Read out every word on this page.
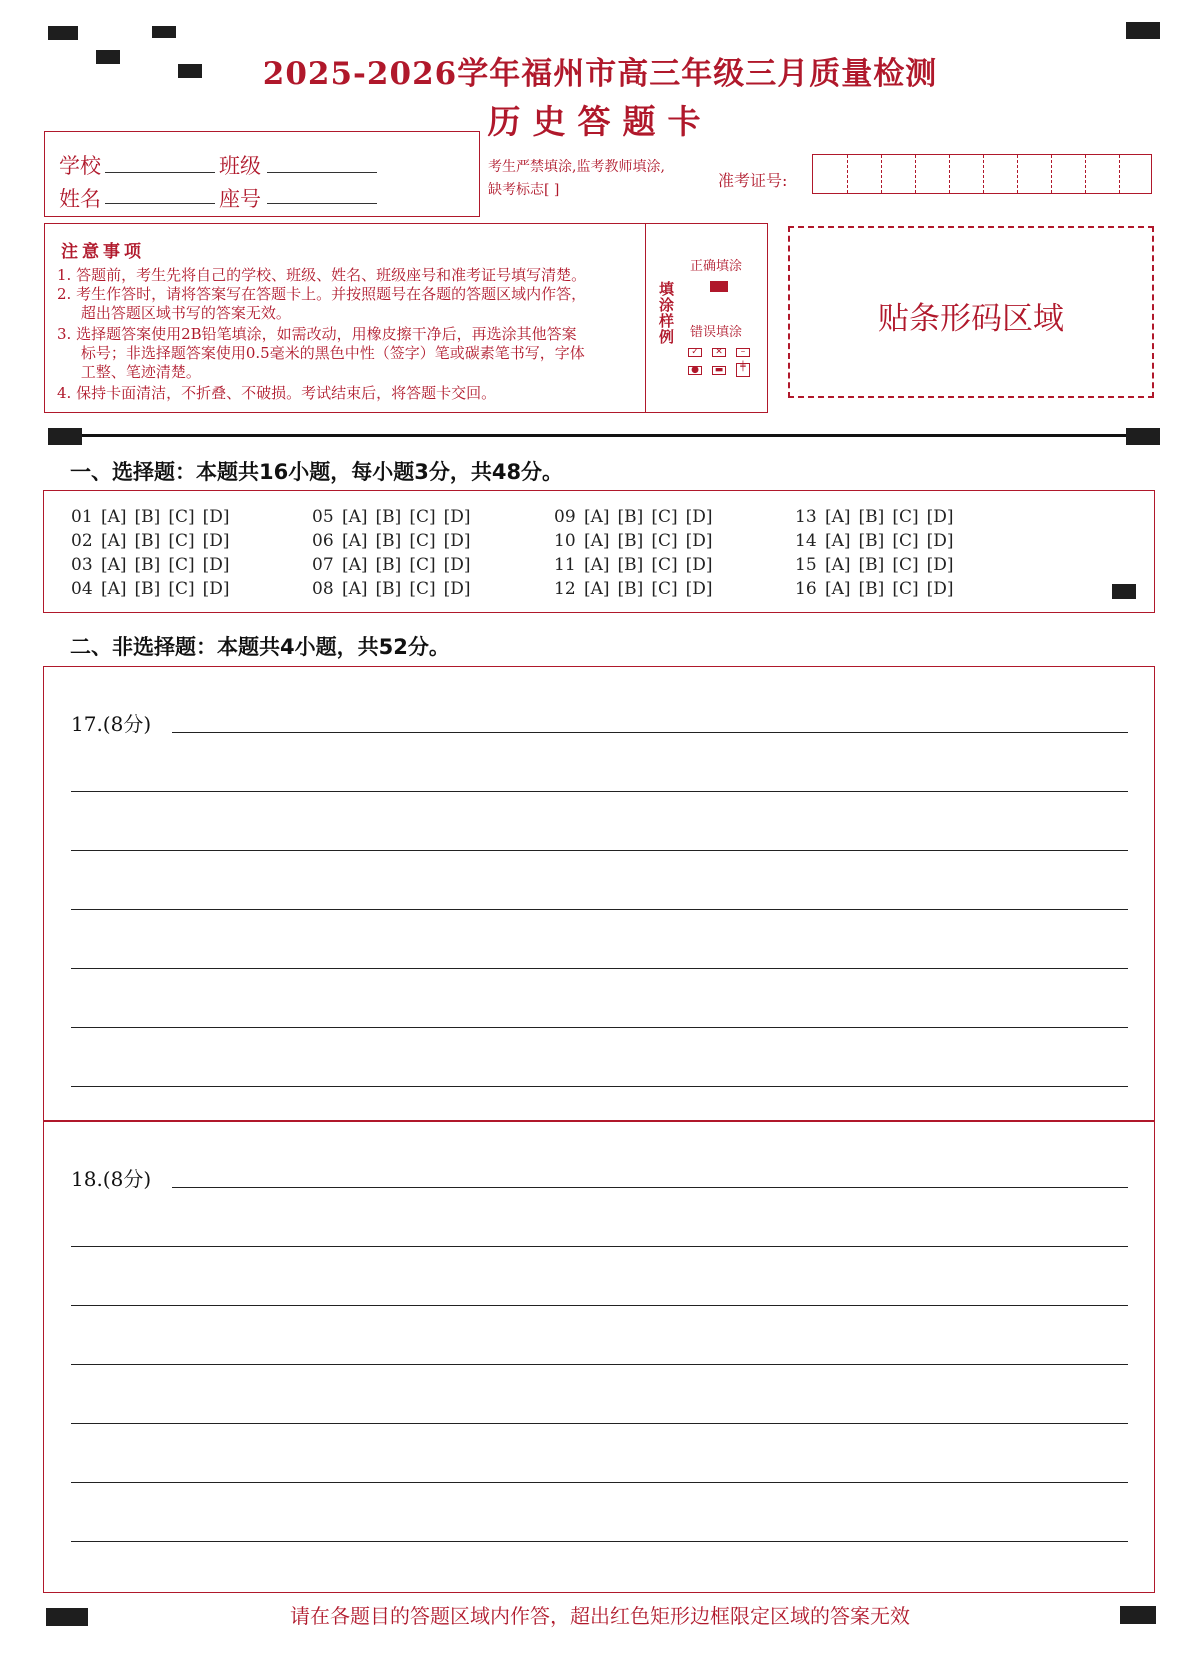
2025-2026学年福州市高三年级三月质量检测
历史答题卡
学校	班级
姓名	座号
考生严禁填涂,监考教师填涂,
缺考标志[ ]	准考证号:
注意事项
1. 答题前，考生先将自己的学校、班级、姓名、班级座号和准考证号填写清楚。
2. 考生作答时，请将答案写在答题卡上。并按照题号在各题的答题区域内作答，
超出答题区域书写的答案无效。
3. 选择题答案使用2B铅笔填涂，如需改动，用橡皮擦干净后，再选涂其他答案
标号；非选择题答案使用0.5毫米的黑色中性（签字）笔或碳素笔书写，字体
工整、笔迹清楚。
4. 保持卡面清洁，不折叠、不破损。考试结束后，将答题卡交回。
填涂样例
正确填涂
错误填涂
✓	✕	–
●	▬	╪
贴条形码区域
一、选择题：本题共16小题，每小题3分，共48分。
01 [A] [B] [C] [D]
02 [A] [B] [C] [D]
03 [A] [B] [C] [D]
04 [A] [B] [C] [D]
05 [A] [B] [C] [D]
06 [A] [B] [C] [D]
07 [A] [B] [C] [D]
08 [A] [B] [C] [D]
09 [A] [B] [C] [D]
10 [A] [B] [C] [D]
11 [A] [B] [C] [D]
12 [A] [B] [C] [D]
13 [A] [B] [C] [D]
14 [A] [B] [C] [D]
15 [A] [B] [C] [D]
16 [A] [B] [C] [D]
二、非选择题：本题共4小题，共52分。
17.(8分)
18.(8分)
请在各题目的答题区域内作答，超出红色矩形边框限定区域的答案无效
